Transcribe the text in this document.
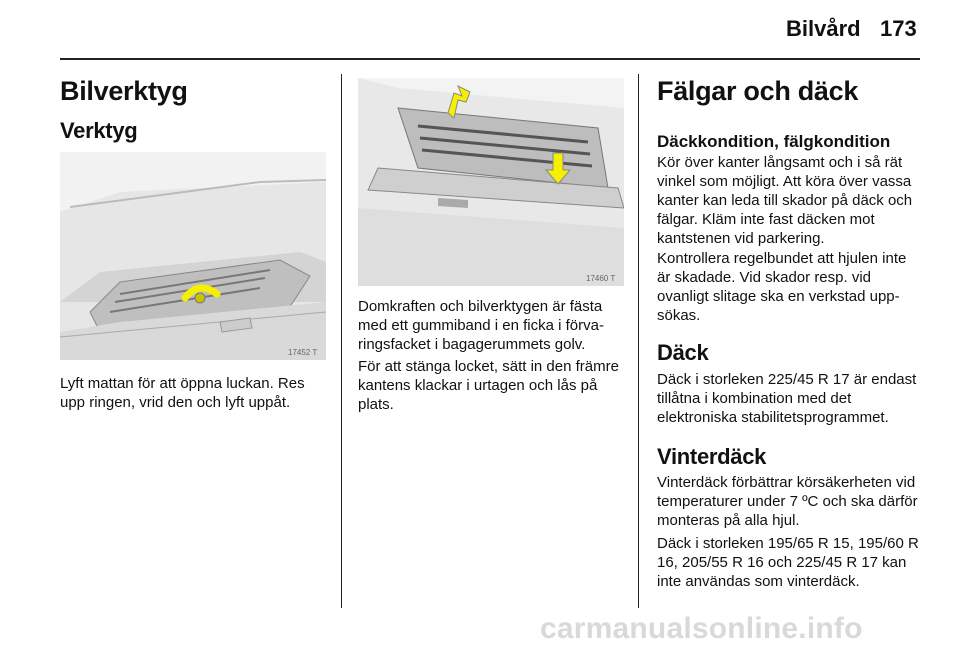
Bilvård 173
Bilverktyg
Verktyg
17452 T

Lyft mattan för att öppna luckan. Res upp ringen, vrid den och lyft uppåt.

17460 T

Domkraften och bilverktygen är fästa med ett gummiband i en ficka i förva- ringsfacket i bagagerummets golv.

För att stänga locket, sätt in den främre kantens klackar i urtagen och lås på plats.

Fälgar och däck
Däckkondition, fälgkondition

Kör över kanter långsamt och i så rät vinkel som möjligt. Att köra över vassa kanter kan leda till skador på däck och fälgar. Kläm inte fast däcken mot kantstenen vid parkering.

Kontrollera regelbundet att hjulen inte är skadade. Vid skador resp. vid ovanligt slitage ska en verkstad upp- sökas.

Däck

Däck i storleken 225/45 R 17 är endast tillåtna i kombination med det elektroniska stabilitetsprogrammet.

Vinterdäck

Vinterdäck förbättrar körsäkerheten vid temperaturer under 7 ºC och ska därför monteras på alla hjul.

Däck i storleken 195/65 R 15, 195/60 R 16, 205/55 R 16 och 225/45 R 17 kan inte användas som vinterdäck.

carmanualsonline.info
